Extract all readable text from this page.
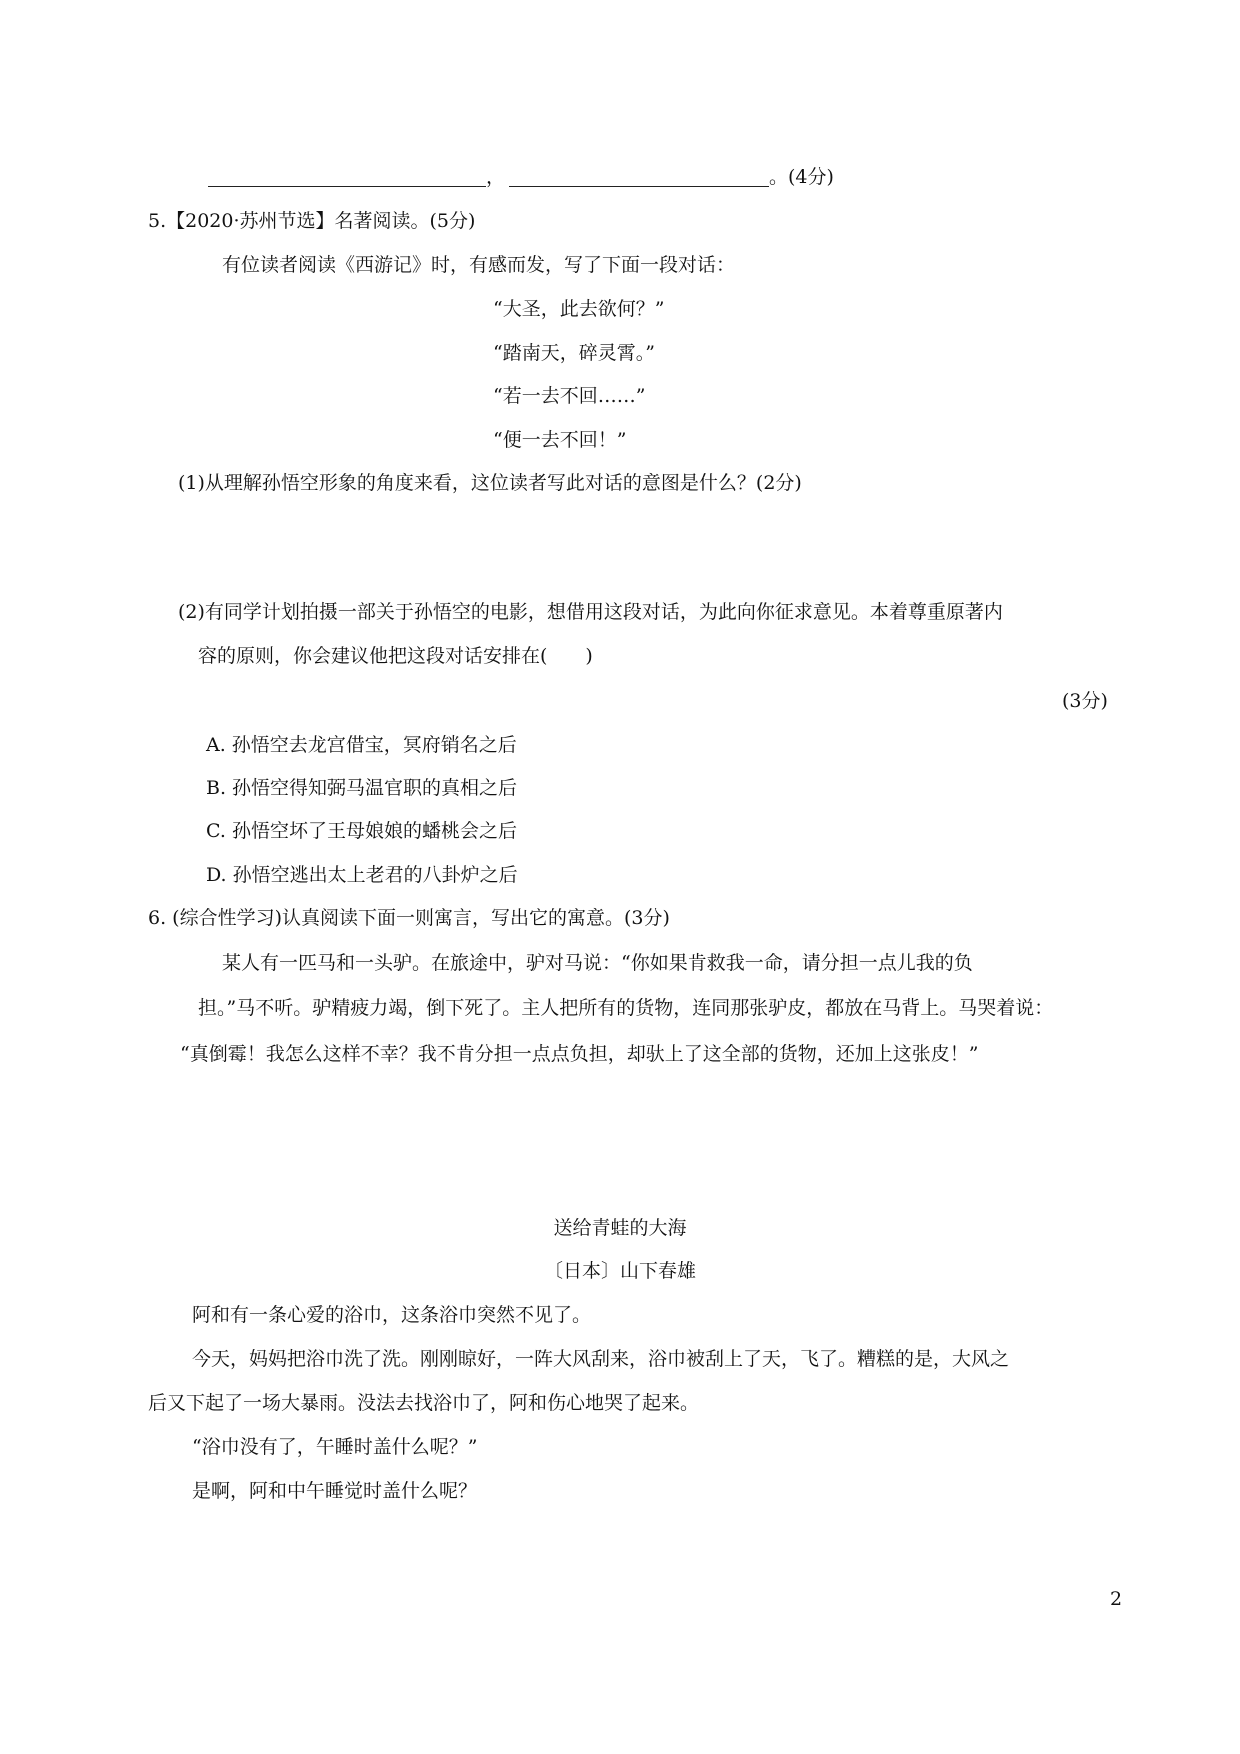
，	。(4分)
5.【2020·苏州节选】名著阅读。(5分)
有位读者阅读《西游记》时，有感而发，写了下面一段对话：
“大圣，此去欲何？”
“踏南天，碎灵霄。”
“若一去不回……”
“便一去不回！”
(1)从理解孙悟空形象的角度来看，这位读者写此对话的意图是什么？(2分)
(2)有同学计划拍摄一部关于孙悟空的电影，想借用这段对话，为此向你征求意见。本着尊重原著内
容的原则，你会建议他把这段对话安排在(　　)
(3分)
A. 孙悟空去龙宫借宝，冥府销名之后
B. 孙悟空得知弼马温官职的真相之后
C. 孙悟空坏了王母娘娘的蟠桃会之后
D. 孙悟空逃出太上老君的八卦炉之后
6. (综合性学习)认真阅读下面一则寓言，写出它的寓意。(3分)
某人有一匹马和一头驴。在旅途中，驴对马说：“你如果肯救我一命，请分担一点儿我的负
担。”马不听。驴精疲力竭，倒下死了。主人把所有的货物，连同那张驴皮，都放在马背上。马哭着说：
“真倒霉！我怎么这样不幸？我不肯分担一点点负担，却驮上了这全部的货物，还加上这张皮！”
送给青蛙的大海
〔日本〕山下春雄
阿和有一条心爱的浴巾，这条浴巾突然不见了。
今天，妈妈把浴巾洗了洗。刚刚晾好，一阵大风刮来，浴巾被刮上了天，飞了。糟糕的是，大风之
后又下起了一场大暴雨。没法去找浴巾了，阿和伤心地哭了起来。
“浴巾没有了，午睡时盖什么呢？”
是啊，阿和中午睡觉时盖什么呢？
2
